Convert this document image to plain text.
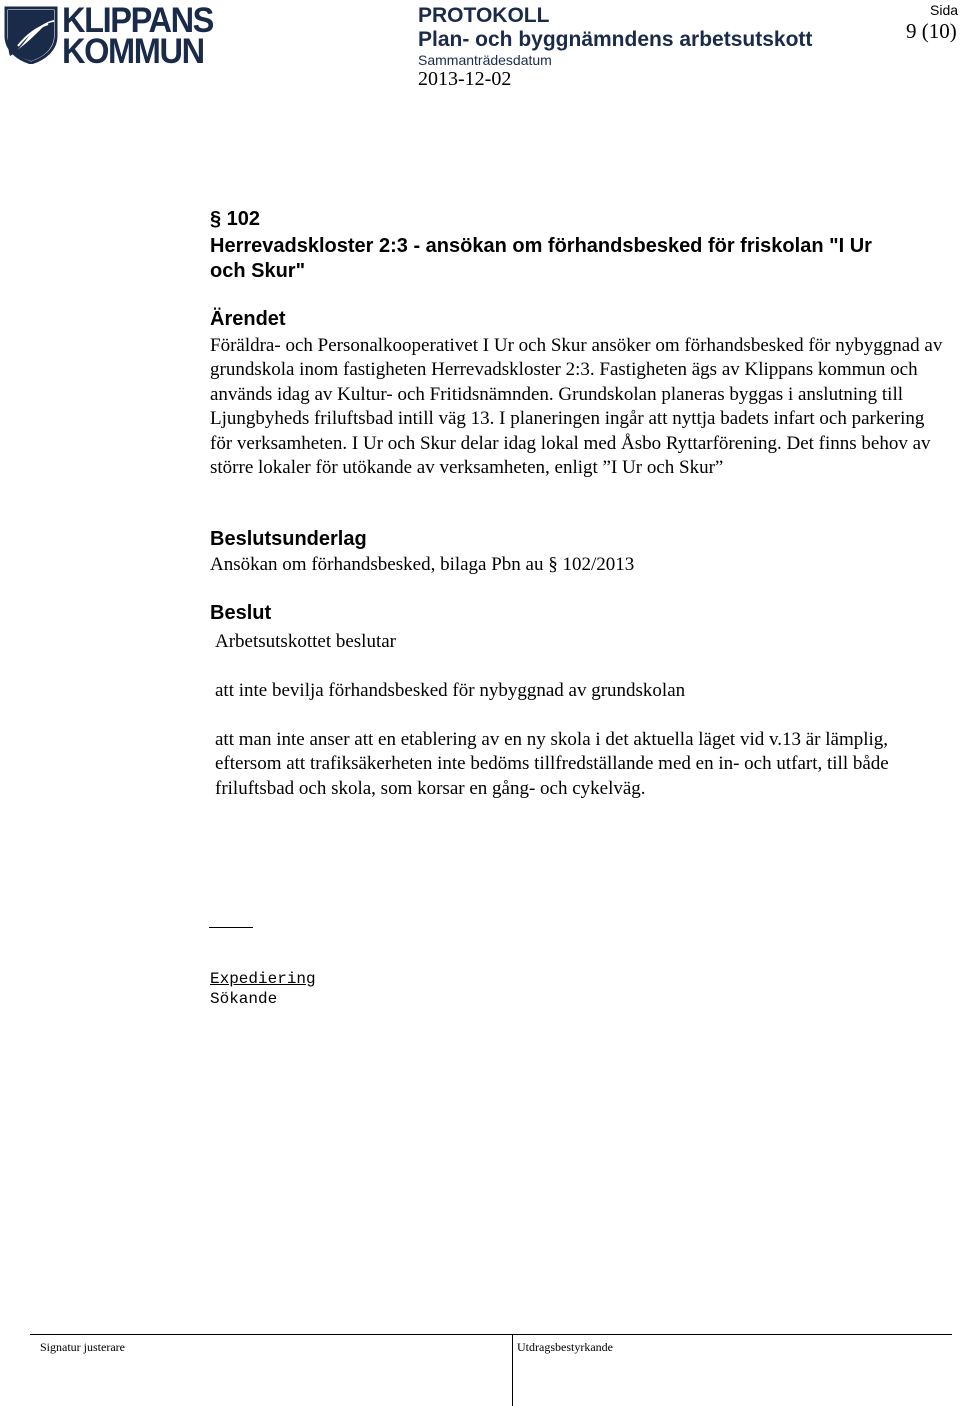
KLIPPANS
KOMMUN
PROTOKOLL
Plan- och byggnämndens arbetsutskott
Sammanträdesdatum
2013-12-02
Sida
9 (10)
§ 102
Herrevadskloster 2:3 - ansökan om förhandsbesked för friskolan "I Ur och Skur"
Ärendet
Föräldra- och Personalkooperativet I Ur och Skur ansöker om förhandsbesked för nybyggnad av grundskola inom fastigheten Herrevadskloster 2:3. Fastigheten ägs av Klippans kommun och används idag av Kultur- och Fritidsnämnden. Grundskolan planeras byggas i anslutning till Ljungbyheds friluftsbad intill väg 13. I planeringen ingår att nyttja badets infart och parkering för verksamheten. I Ur och Skur delar idag lokal med Åsbo Ryttarförening. Det finns behov av större lokaler för utökande av verksamheten, enligt ”I Ur och Skur”
Beslutsunderlag
Ansökan om förhandsbesked, bilaga Pbn au § 102/2013
Beslut
Arbetsutskottet beslutar
att inte bevilja förhandsbesked för nybyggnad av grundskolan
att man inte anser att en etablering av en ny skola i det aktuella läget vid v.13 är lämplig, eftersom att trafiksäkerheten inte bedöms tillfredställande med en in- och utfart, till både friluftsbad och skola, som korsar en gång- och cykelväg.
Expediering
Sökande
Signatur justerare	Utdragsbestyrkande
